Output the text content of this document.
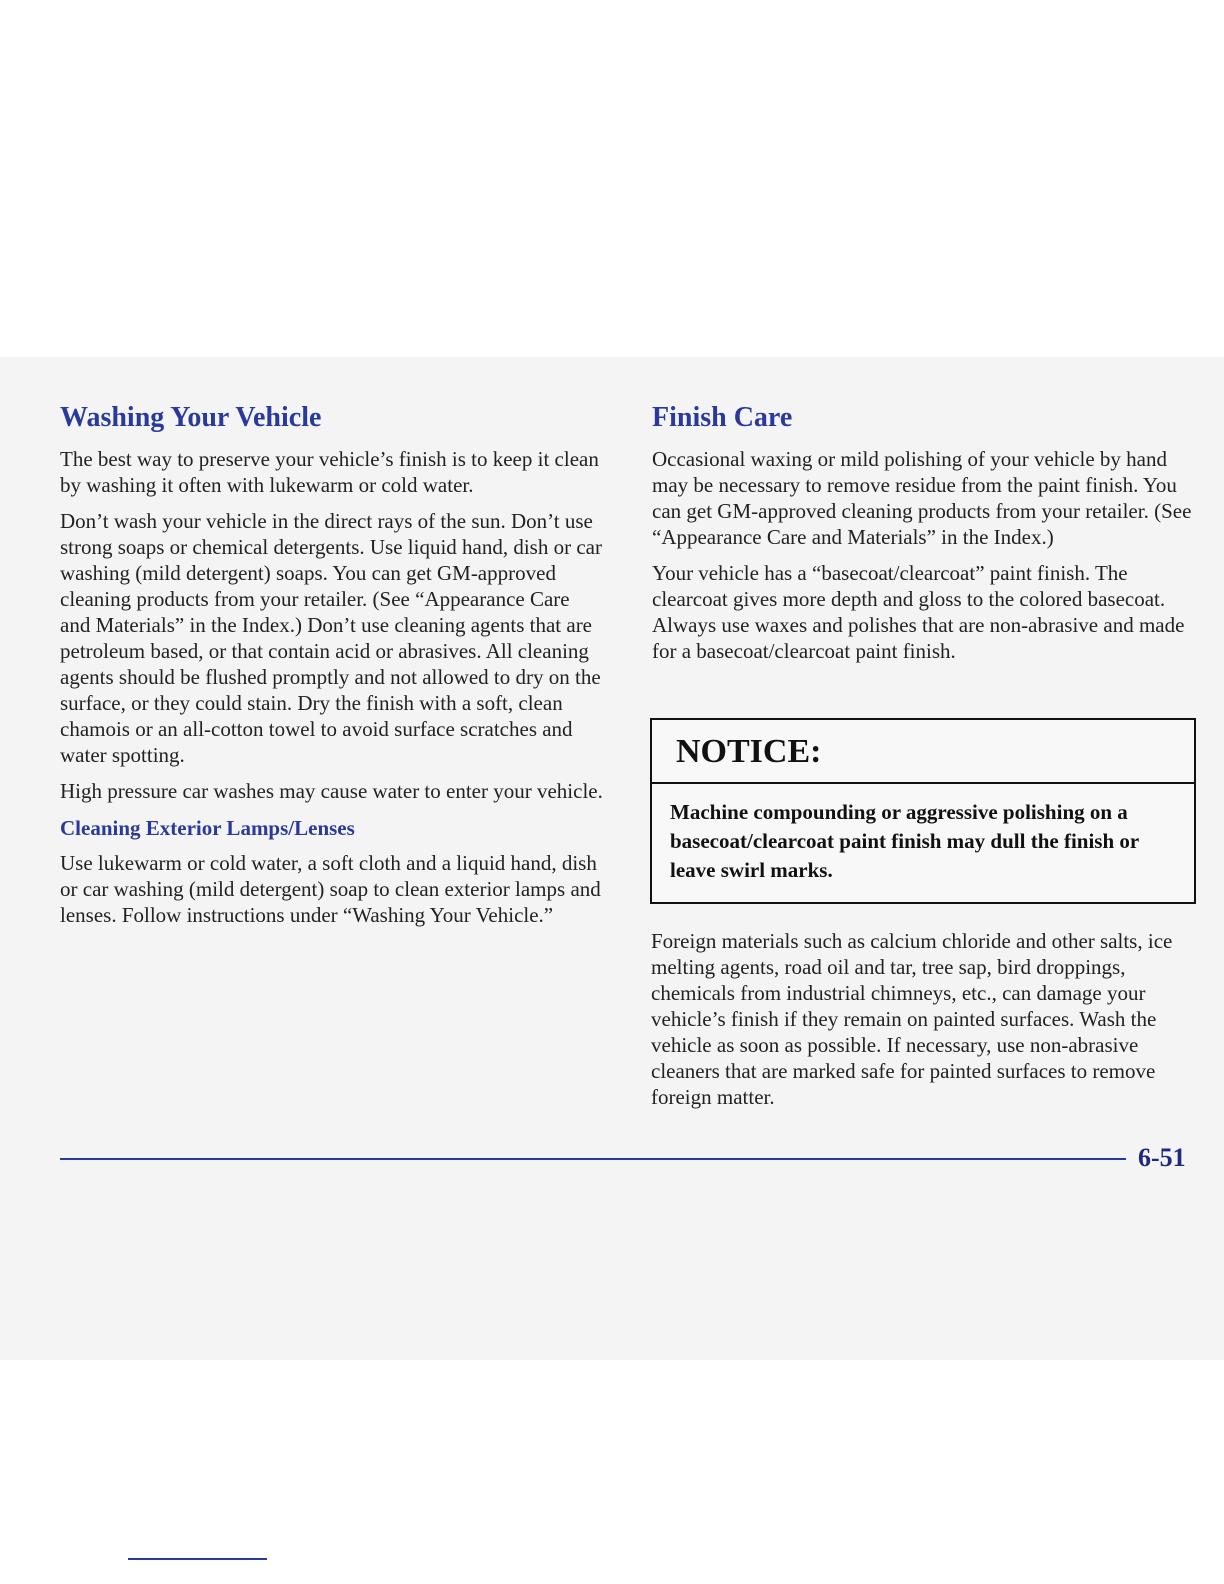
Washing Your Vehicle

The best way to preserve your vehicle’s finish is to keep it clean by washing it often with lukewarm or cold water.

Don’t wash your vehicle in the direct rays of the sun. Don’t use strong soaps or chemical detergents. Use liquid hand, dish or car washing (mild detergent) soaps. You can get GM-approved cleaning products from your retailer. (See “Appearance Care and Materials” in the Index.) Don’t use cleaning agents that are petroleum based, or that contain acid or abrasives. All cleaning agents should be flushed promptly and not allowed to dry on the surface, or they could stain. Dry the finish with a soft, clean chamois or an all-cotton towel to avoid surface scratches and water spotting.

High pressure car washes may cause water to enter your vehicle.

Cleaning Exterior Lamps/Lenses

Use lukewarm or cold water, a soft cloth and a liquid hand, dish or car washing (mild detergent) soap to clean exterior lamps and lenses. Follow instructions under “Washing Your Vehicle.”

Finish Care

Occasional waxing or mild polishing of your vehicle by hand may be necessary to remove residue from the paint finish. You can get GM-approved cleaning products from your retailer. (See “Appearance Care and Materials” in the Index.)

Your vehicle has a “basecoat/clearcoat” paint finish. The clearcoat gives more depth and gloss to the colored basecoat. Always use waxes and polishes that are non-abrasive and made for a basecoat/clearcoat paint finish.

NOTICE:
Machine compounding or aggressive polishing on a basecoat/clearcoat paint finish may dull the finish or leave swirl marks.

Foreign materials such as calcium chloride and other salts, ice melting agents, road oil and tar, tree sap, bird droppings, chemicals from industrial chimneys, etc., can damage your vehicle’s finish if they remain on painted surfaces. Wash the vehicle as soon as possible. If necessary, use non-abrasive cleaners that are marked safe for painted surfaces to remove foreign matter.

6-51
